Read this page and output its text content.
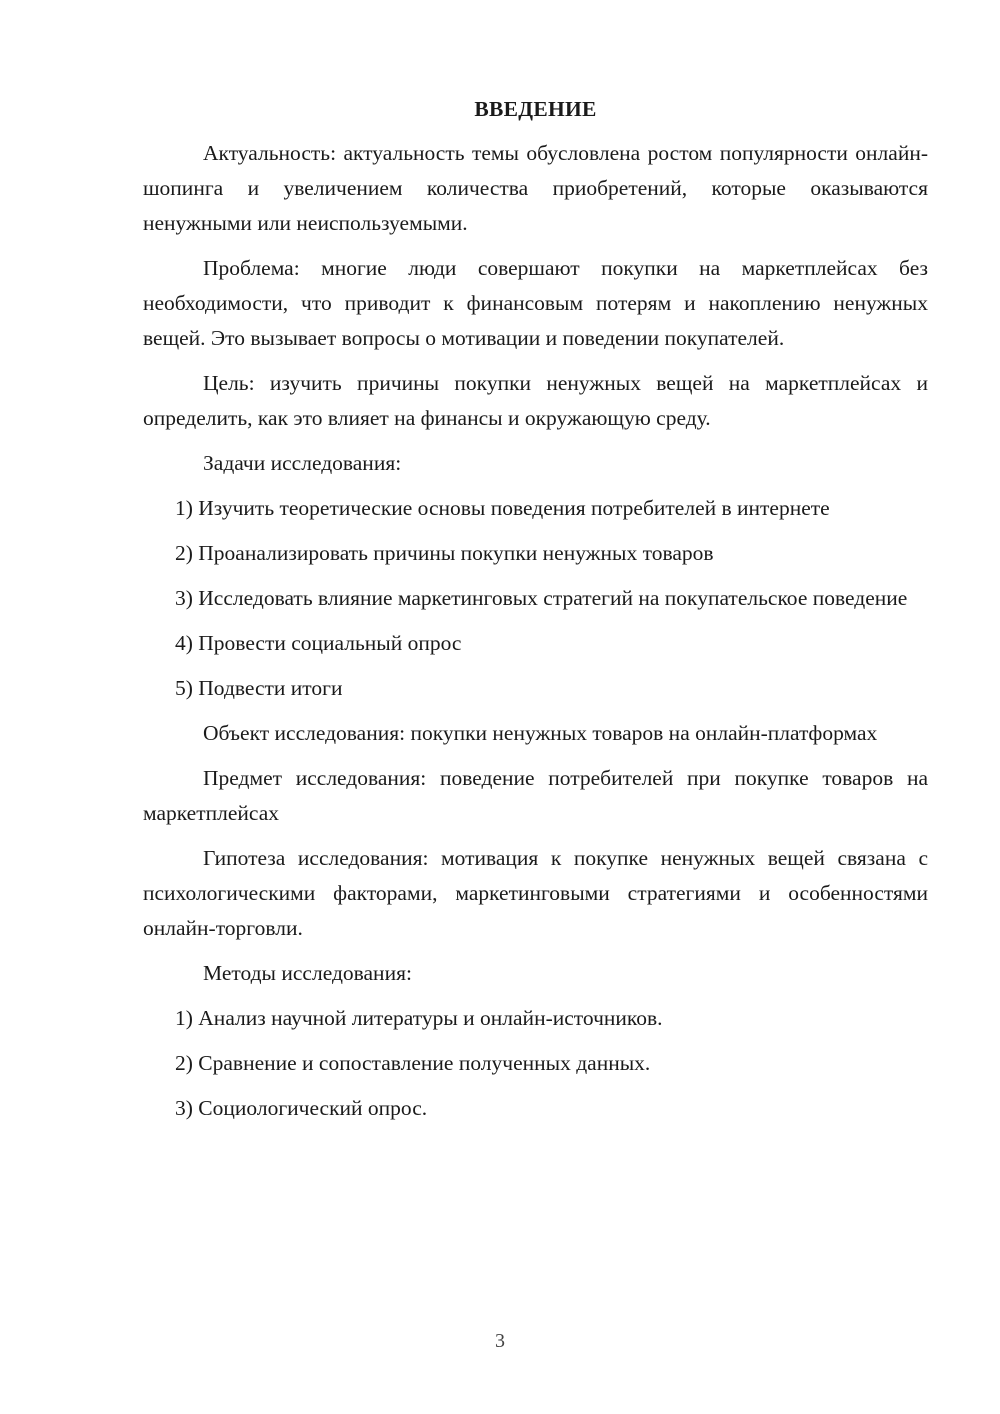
ВВЕДЕНИЕ

Актуальность: актуальность темы обусловлена ростом популярности онлайн-шопинга и увеличением количества приобретений, которые оказываются ненужными или неиспользуемыми.

Проблема: многие люди совершают покупки на маркетплейсах без необходимости, что приводит к финансовым потерям и накоплению ненужных вещей. Это вызывает вопросы о мотивации и поведении покупателей.

Цель: изучить причины покупки ненужных вещей на маркетплейсах и определить, как это влияет на финансы и окружающую среду.

Задачи исследования:

1) Изучить теоретические основы поведения потребителей в интернете

2) Проанализировать причины покупки ненужных товаров

3) Исследовать влияние маркетинговых стратегий на покупательское поведение

4) Провести социальный опрос

5) Подвести итоги

Объект исследования: покупки ненужных товаров на онлайн-платформах

Предмет исследования: поведение потребителей при покупке товаров на маркетплейсах

Гипотеза исследования: мотивация к покупке ненужных вещей связана с психологическими факторами, маркетинговыми стратегиями и особенностями онлайн-торговли.

Методы исследования:

1) Анализ научной литературы и онлайн-источников.

2) Сравнение и сопоставление полученных данных.

3) Социологический опрос.

3
